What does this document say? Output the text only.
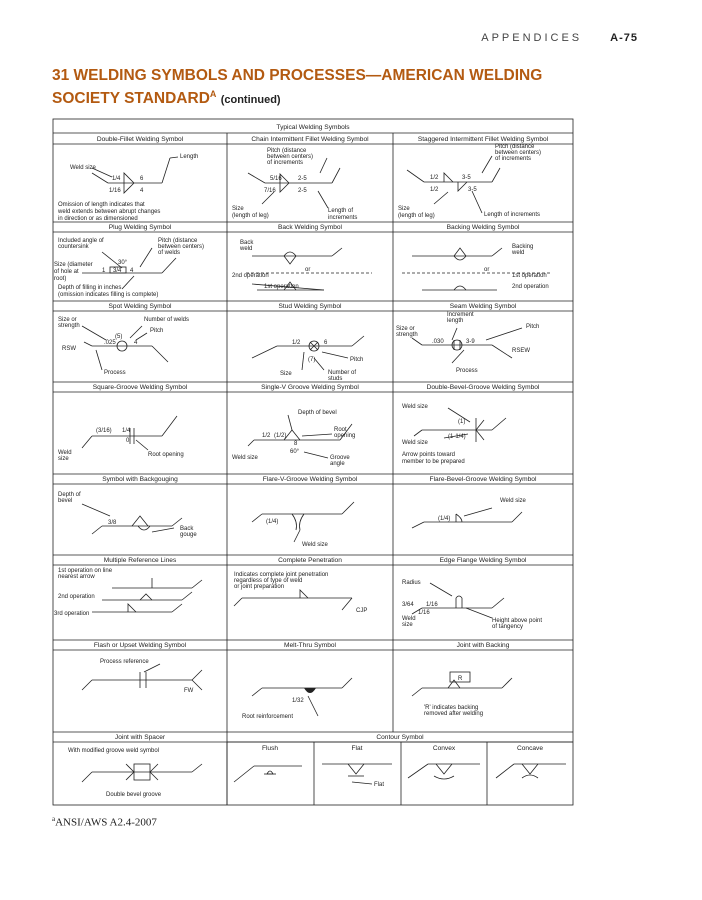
APPENDICES	A-75
31 WELDING SYMBOLS AND PROCESSES—AMERICAN WELDING SOCIETY $STANDARD^A$ (continued)
Typical Welding Symbols
Double-Fillet Welding Symbol	Chain Intermittent Fillet Welding Symbol	Staggered Intermittent Fillet Welding Symbol
Weld size
Length
1/4	6
1/16	4
Omission of length indicates that
weld extends between abrupt changes
in direction or as dimensioned
Pitch (distance
between centers)
of increments
5/16	2-5
7/16	2-5
Size
(length of leg)
Length of
increments
Pitch (distance
between centers)
of increments
1/2	3-5
1/2	3-5
Size
(length of leg)	Length of increments
Plug Welding Symbol	Back Welding Symbol	Backing Welding Symbol
Included angle of
countersink
Pitch (distance
between centers)
of welds
30°
Size (diameter
of hole at
root)
1 3/4 4
Depth of filling in inches
(omission indicates filling is complete)
Back
weld
or
2nd operation
1st operation
Backing
weld
or
1st operation
2nd operation
Spot Welding Symbol	Stud Welding Symbol	Seam Welding Symbol
Size or
strength
Number of welds
Pitch
(5)
.025	4
RSW
Process
1/2	6
(7)	Pitch
Size	Number of
studs
Increment
length
Pitch
Size or
strength
.030	3-9
RSEW
Process
Square-Groove Welding Symbol	Single-V Groove Welding Symbol	Double-Bevel-Groove Welding Symbol
(3/16) 1/4
0
Weld
size
Root opening
Depth of bevel
1/2 (1/2)
8
60°
Root
opening
Weld size	Groove
angle
Weld size
(1)
(1-1/4)
Weld size
Arrow points toward
member to be prepared
Symbol with Backgouging	Flare-V-Groove Welding Symbol	Flare-Bevel-Groove Welding Symbol
Depth of
bevel
3/8
Back
gouge
(1/4)
Weld size
Weld size
(1/4)
Multiple Reference Lines	Complete Penetration	Edge Flange Welding Symbol
1st operation on line
nearest arrow
2nd operation
3rd operation
Indicates complete joint penetration
regardless of type of weld
or joint preparation
CJP
Radius
3/64 1/16
1/16
Weld
size
Height above point
of tangency
Flash or Upset Welding Symbol	Melt-Thru Symbol	Joint with Backing
Process reference
FW
1/32
Root reinforcement
R
'R' indicates backing
removed after welding
Joint with Spacer	Contour Symbol
Flush	Flat	Convex	Concave
With modified groove weld symbol
Double bevel groove
Flat
$^a$ANSI/AWS A2.4-2007
